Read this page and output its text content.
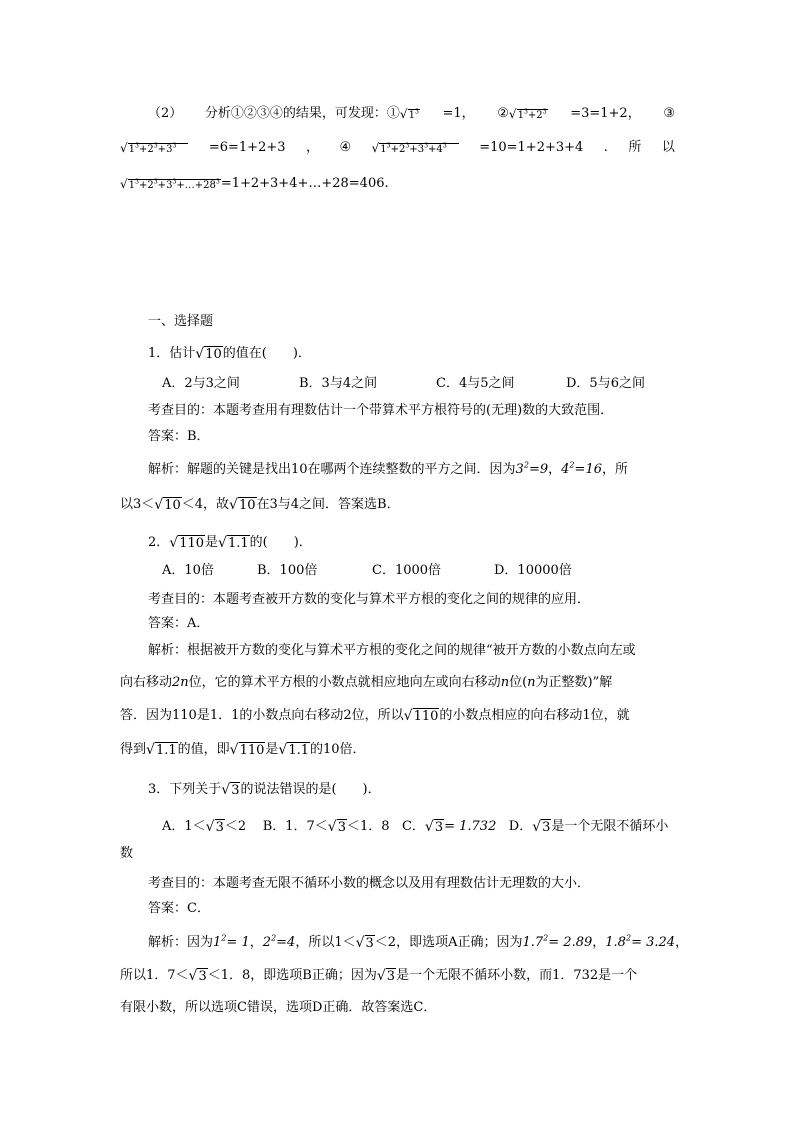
（2） 分析①②③④的结果，可发现：$①√1^3 =1$， $②√1^3+2^3 =3=1+2$， ③
$√1^3+2^3+3^3$	=6=1+2+3 ， ④ $√1^3+2^3+3^3+4^3$	=10=1+2+3+4 . 所 以
$√1^3+2^3+3^3+\dots+28^3=1+2+3+4+\dots+28=406$.
一、选择题
1．估计√10的值在(　　)．
A．2与3之间	B．3与4之间	C．4与5之间	D．5与6之间
考查目的：本题考查用有理数估计一个带算术平方根符号的(无理)数的大致范围．
答案：B．
解析：解题的关键是找出10在哪两个连续整数的平方之间．因为$3^2=9$，$4^2=16$，所
以3＜√10＜4，故√10在3与4之间．答案选B．
2．√110是√1.1的(　　)．
A．10倍	B．100倍	C．1000倍	D．10000倍
考查目的：本题考查被开方数的变化与算术平方根的变化之间的规律的应用．
答案：A．
解析：根据被开方数的变化与算术平方根的变化之间的规律“被开方数的小数点向左或
向右移动2n位，它的算术平方根的小数点就相应地向左或向右移动n位(n为正整数)”解
答．因为110是1．1的小数点向右移动2位，所以√110的小数点相应的向右移动1位，就
得到√1.1的值，即√110是√1.1的10倍．
3．下列关于√3的说法错误的是(　　)．
A．1＜√3＜2 B．1．7＜√3＜1．8 C．√3= 1.732 D．√3是一个无限不循环小
数
考查目的：本题考查无限不循环小数的概念以及用有理数估计无理数的大小．
答案：C．
解析：因为$1^2= 1$，$2^2=4$，所以1＜√3＜2，即选项A正确；因为$1.7^2= 2.89$，$1.8^2= 3.24$，
所以1．7＜√3＜1．8，即选项B正确；因为√3是一个无限不循环小数，而1．732是一个
有限小数，所以选项C错误，选项D正确．故答案选C．
